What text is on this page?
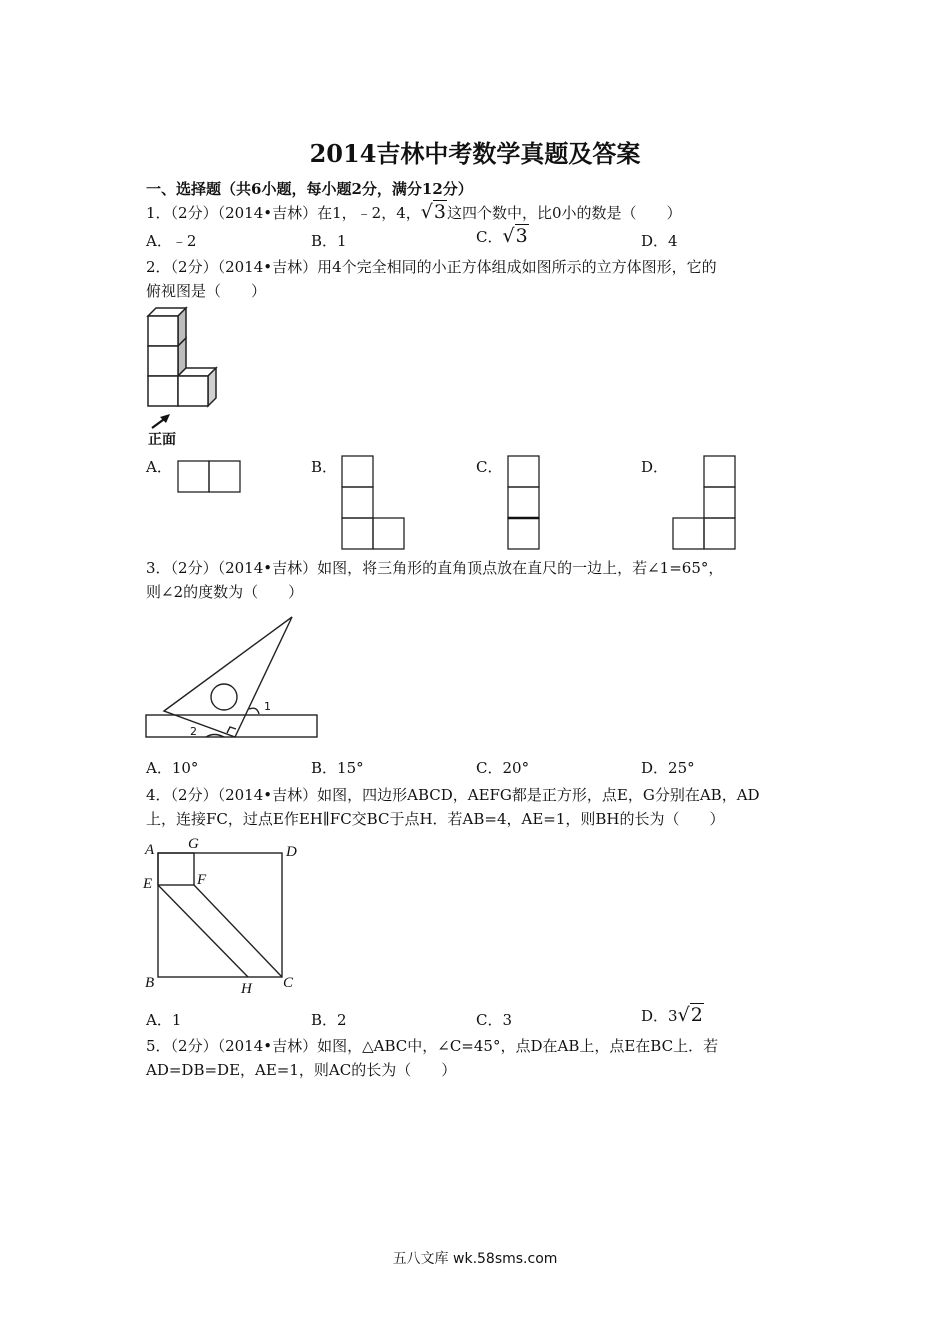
2014吉林中考数学真题及答案
一、选择题（共6小题，每小题2分，满分12分）
1．（2分）（2014•吉林）在1，﹣2，4，√3这四个数中，比0小的数是（　　）
A．﹣2	B．1	C．√3	D．4
2．（2分）（2014•吉林）用4个完全相同的小正方体组成如图所示的立方体图形，它的
俯视图是（　　）
正面
A．	B．	C．	D．
3．（2分）（2014•吉林）如图，将三角形的直角顶点放在直尺的一边上，若∠1=65°，
则∠2的度数为（　　）
1
2
A．10°	B．15°	C．20°	D．25°
4．（2分）（2014•吉林）如图，四边形ABCD，AEFG都是正方形，点E，G分别在AB，AD
上，连接FC，过点E作EH∥FC交BC于点H．若AB=4，AE=1，则BH的长为（　　）
A G	D
E	F
B	H C
A．1	B．2	C．3	D．3√2
5．（2分）（2014•吉林）如图，△ABC中，∠C=45°，点D在AB上，点E在BC上．若
AD=DB=DE，AE=1，则AC的长为（　　）
五八文库 wk.58sms.com
